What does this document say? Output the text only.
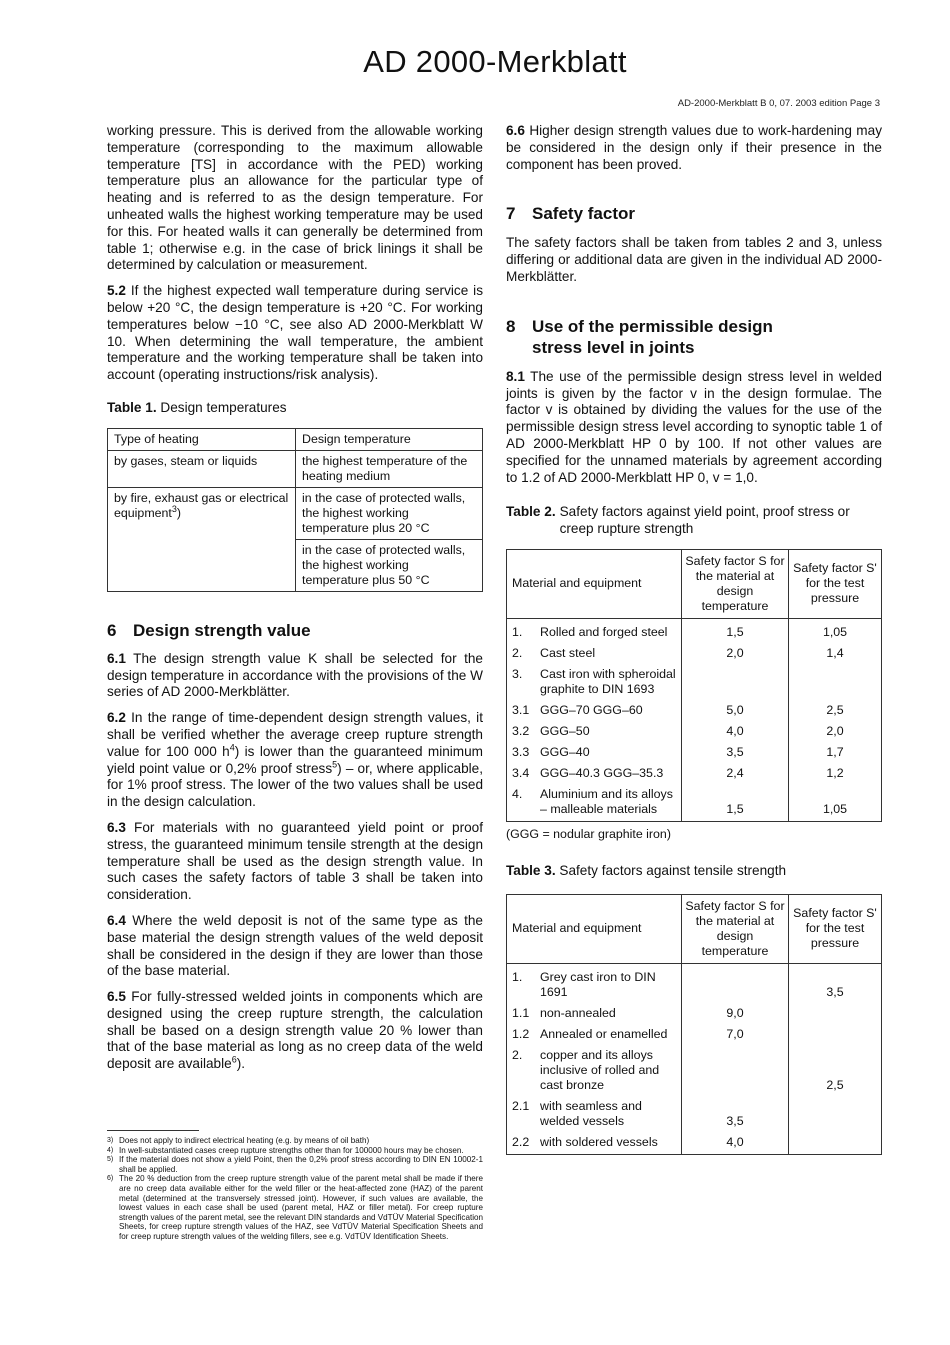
AD 2000-Merkblatt
AD-2000-Merkblatt B 0, 07. 2003 edition Page 3

working pressure. This is derived from the allowable working temperature (corresponding to the maximum allowable temperature [TS] in accordance with the PED) working temperature plus an allowance for the particular type of heating and is referred to as the design temperature. For unheated walls the highest working temperature may be used for this. For heated walls it can generally be determined from table 1; otherwise e.g. in the case of brick linings it shall be determined by calculation or measurement.

5.2 If the highest expected wall temperature during service is below +20 °C, the design temperature is +20 °C. For working temperatures below −10 °C, see also AD 2000-Merkblatt W 10. When determining the wall temperature, the ambient temperature and the working temperature shall be taken into account (operating instructions/risk analysis).

Table 1. Design temperatures
Type of heating	Design temperature
by gases, steam or liquids	the highest temperature of the heating medium
by fire, exhaust gas or electrical equipment$^3$)	in the case of protected walls, the highest working temperature plus 20 °C
	in the case of protected walls, the highest working temperature plus 50 °C
6 Design strength value

6.1 The design strength value K shall be selected for the design temperature in accordance with the provisions of the W series of AD 2000-Merkblätter.

6.2 In the range of time-dependent design strength values, it shall be verified whether the average creep rupture strength value for 100 000 $h^4$) is lower than the guaranteed minimum yield point value or 0,2% proof stress$^5$) – or, where applicable, for 1% proof stress. The lower of the two values shall be used in the design calculation.

6.3 For materials with no guaranteed yield point or proof stress, the guaranteed minimum tensile strength at the design temperature shall be used as the design strength value. In such cases the safety factors of table 3 shall be taken into consideration.

6.4 Where the weld deposit is not of the same type as the base material the design strength values of the weld deposit shall be considered in the design if they are lower than those of the base material.

6.5 For fully-stressed welded joints in components which are designed using the creep rupture strength, the calculation shall be based on a design strength value 20 % lower than that of the base material as long as no creep data of the weld deposit are available$^6$).

3) Does not apply to indirect electrical heating (e.g. by means of oil bath)
4) In well-substantiated cases creep rupture strengths other than for 100000 hours may be chosen.
5) If the material does not show a yield Point, then the 0,2% proof stress according to DIN EN 10002-1 shall be applied.
6) The 20 % deduction from the creep rupture strength value of the parent metal shall be made if there are no creep data available either for the weld filler or the heat-affected zone (HAZ) of the parent metal (determined at the transversely stressed joint). However, if such values are available, the lowest values in each case shall be used (parent metal, HAZ or filler metal). For creep rupture strength values of the parent metal, see the relevant DIN standards and VdTÜV Material Specification Sheets, for creep rupture strength values of the HAZ, see VdTÜV Material Specification Sheets and for creep rupture strength values of the welding fillers, see e.g. VdTÜV Identification Sheets.

6.6 Higher design strength values due to work-hardening may be considered in the design only if their presence in the component has been proved.

7 Safety factor

The safety factors shall be taken from tables 2 and 3, unless differing or additional data are given in the individual AD 2000-Merkblätter.

8 Use of the permissible design stress level in joints

8.1 The use of the permissible design stress level in welded joints is given by the factor v in the design formulae. The factor v is obtained by dividing the values for the use of the permissible design stress level according to synoptic table 1 of AD 2000-Merkblatt HP 0 by 100. If not other values are specified for the unnamed materials by agreement according to 1.2 of AD 2000-Merkblatt HP 0, v = 1,0.

Table 2. Safety factors against yield point, proof stress or creep rupture strength
Material and equipment		Safety factor S for the material at design temperature	Safety factor S' for the test pressure

1.	Rolled and forged steel	1,5	1,05
2.	Cast steel	2,0	1,4
3.	Cast iron with spheroidal graphite to DIN 1693		
3.1	GGG–70 GGG–60	5,0	2,5
3.2	GGG–50	4,0	2,0
3.3	GGG–40	3,5	1,7
3.4	GGG–40.3 GGG–35.3	2,4	1,2
4.	Aluminium and its alloys – malleable materials	1,5	1,05
(GGG = nodular graphite iron)
Table 3. Safety factors against tensile strength
Material and equipment		Safety factor S for the material at design temperature	Safety factor S' for the test pressure

1.	Grey cast iron to DIN 1691		3,5
1.1	non-annealed	9,0	
1.2	Annealed or enamelled	7,0	
2.	copper and its alloys inclusive of rolled and cast bronze		2,5
2.1	with seamless and welded vessels	3,5	
2.2	with soldered vessels	4,0	
